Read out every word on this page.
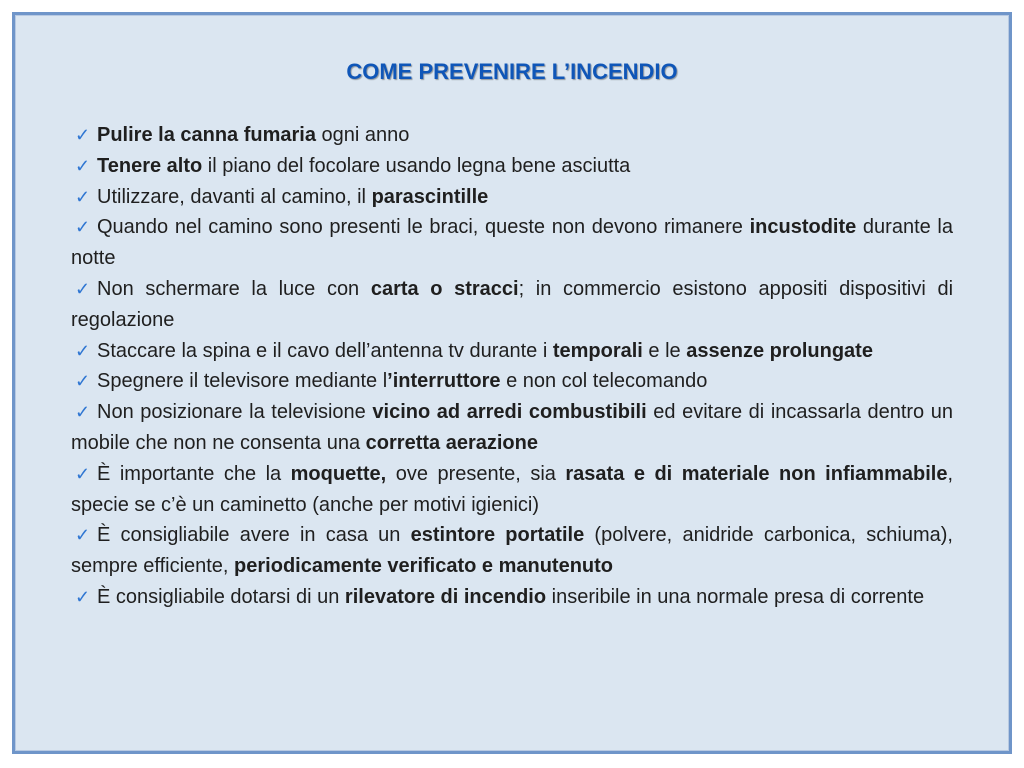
COME PREVENIRE L’INCENDIO
✓ Pulire la canna fumaria ogni anno
✓ Tenere alto il piano del focolare usando legna bene asciutta
✓ Utilizzare, davanti al camino, il parascintille
✓ Quando nel camino sono presenti le braci, queste non devono rimanere incustodite durante la notte
✓ Non schermare la luce con carta o stracci; in commercio esistono appositi dispositivi di regolazione
✓ Staccare la spina e il cavo dell’antenna tv durante i temporali e le assenze prolungate
✓ Spegnere il televisore mediante l’interruttore e non col telecomando
✓ Non posizionare la televisione vicino ad arredi combustibili ed evitare di incassarla dentro un mobile che non ne consenta una corretta aerazione
✓ È importante che la moquette, ove presente, sia rasata e di materiale non infiammabile, specie se c’è un caminetto (anche per motivi igienici)
✓ È consigliabile avere in casa un estintore portatile (polvere, anidride carbonica, schiuma), sempre efficiente, periodicamente verificato e manutenuto
✓ È consigliabile dotarsi di un rilevatore di incendio inseribile in una normale presa di corrente
